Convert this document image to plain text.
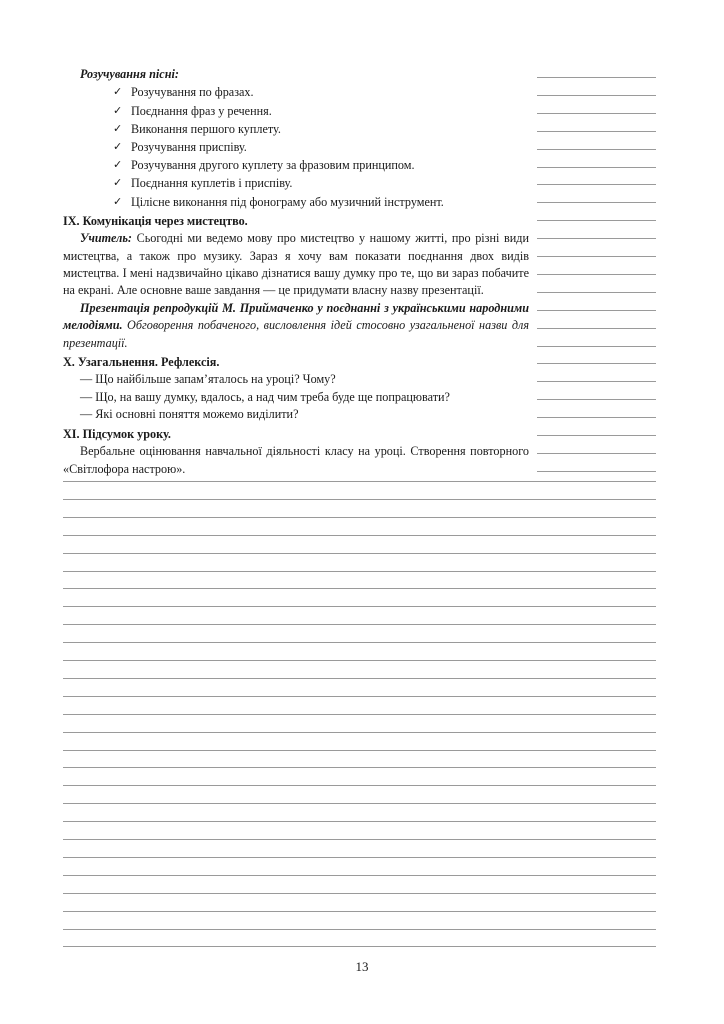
Розучування пісні:
✓ Розучування по фразах.
✓ Поєднання фраз у речення.
✓ Виконання першого куплету.
✓ Розучування приспіву.
✓ Розучування другого куплету за фразовим принципом.
✓ Поєднання куплетів і приспіву.
✓ Цілісне виконання під фонограму або музичний інструмент.
IX. Комунікація через мистецтво.
Учитель: Сьогодні ми ведемо мову про мистецтво у нашому житті, про різні види мистецтва, а також про музику. Зараз я хочу вам показати поєднання двох видів мистецтва. І мені надзвичайно цікаво дізнатися вашу думку про те, що ви зараз побачите на екрані. Але основне ваше завдання — це придумати власну назву презентації.
Презентація репродукцій М. Приймаченко у поєднанні з українськими народними мелодіями. Обговорення побаченого, висловлення ідей стосовно узагальненої назви для презентації.
X. Узагальнення. Рефлексія.
— Що найбільше запам’яталось на уроці? Чому?
— Що, на вашу думку, вдалось, а над чим треба буде ще попрацювати?
— Які основні поняття можемо виділити?
XI. Підсумок уроку.
Вербальне оцінювання навчальної діяльності класу на уроці. Створення повторного «Світлофора настрою».
13
